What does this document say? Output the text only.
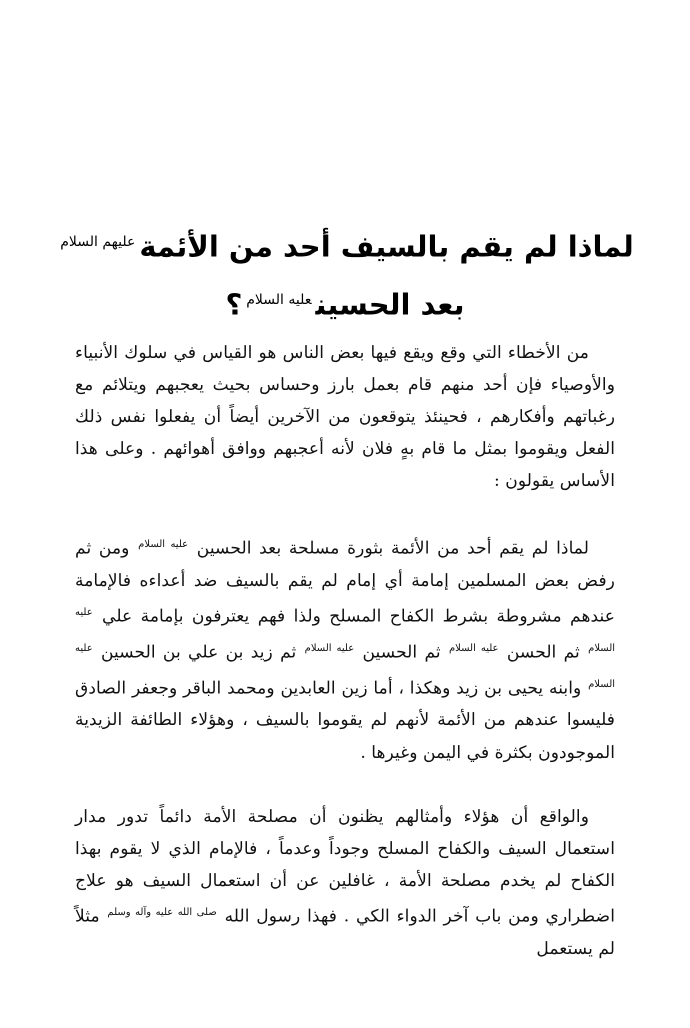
لماذا لم يقم بالسيف أحد من الأئمة$^{عليهم السلام}$
بعد الحسين$^{عليه السلام}$؟

من الأخطاء التي وقع ويقع فيها بعض الناس هو القياس في سلوك الأنبياء والأوصياء فإن أحد منهم قام بعمل بارز وحساس بحيث يعجبهم ويتلائم مع رغباتهم وأفكارهم ، فحينئذ يتوقعون من الآخرين أيضاً أن يفعلوا نفس ذلك الفعل ويقوموا بمثل ما قام بهٍ فلان لأنه أعجبهم ووافق أهوائهم . وعلى هذا الأساس يقولون :

لماذا لم يقم أحد من الأئمة بثورة مسلحة بعد الحسين $^{عليه السلام}$ ومن ثم رفض بعض المسلمين إمامة أي إمام لم يقم بالسيف ضد أعداءه فالإمامة عندهم مشروطة بشرط الكفاح المسلح ولذا فهم يعترفون بإمامة علي $^{عليه السلام}$ ثم الحسن $^{عليه السلام}$ ثم الحسين $^{عليه السلام}$ ثم زيد بن علي بن الحسين $^{عليه السلام}$ وابنه يحيى بن زيد وهكذا ، أما زين العابدين ومحمد الباقر وجعفر الصادق فليسوا عندهم من الأئمة لأنهم لم يقوموا بالسيف ، وهؤلاء الطائفة الزيدية الموجودون بكثرة في اليمن وغيرها .

والواقع أن هؤلاء وأمثالهم يظنون أن مصلحة الأمة دائماً تدور مدار استعمال السيف والكفاح المسلح وجوداً وعدماً ، فالإمام الذي لا يقوم بهذا الكفاح لم يخدم مصلحة الأمة ، غافلين عن أن استعمال السيف هو علاج اضطراري ومن باب آخر الدواء الكي . فهذا رسول الله $^{صلى الله عليه وآله وسلم}$ مثلاً لم يستعمل
